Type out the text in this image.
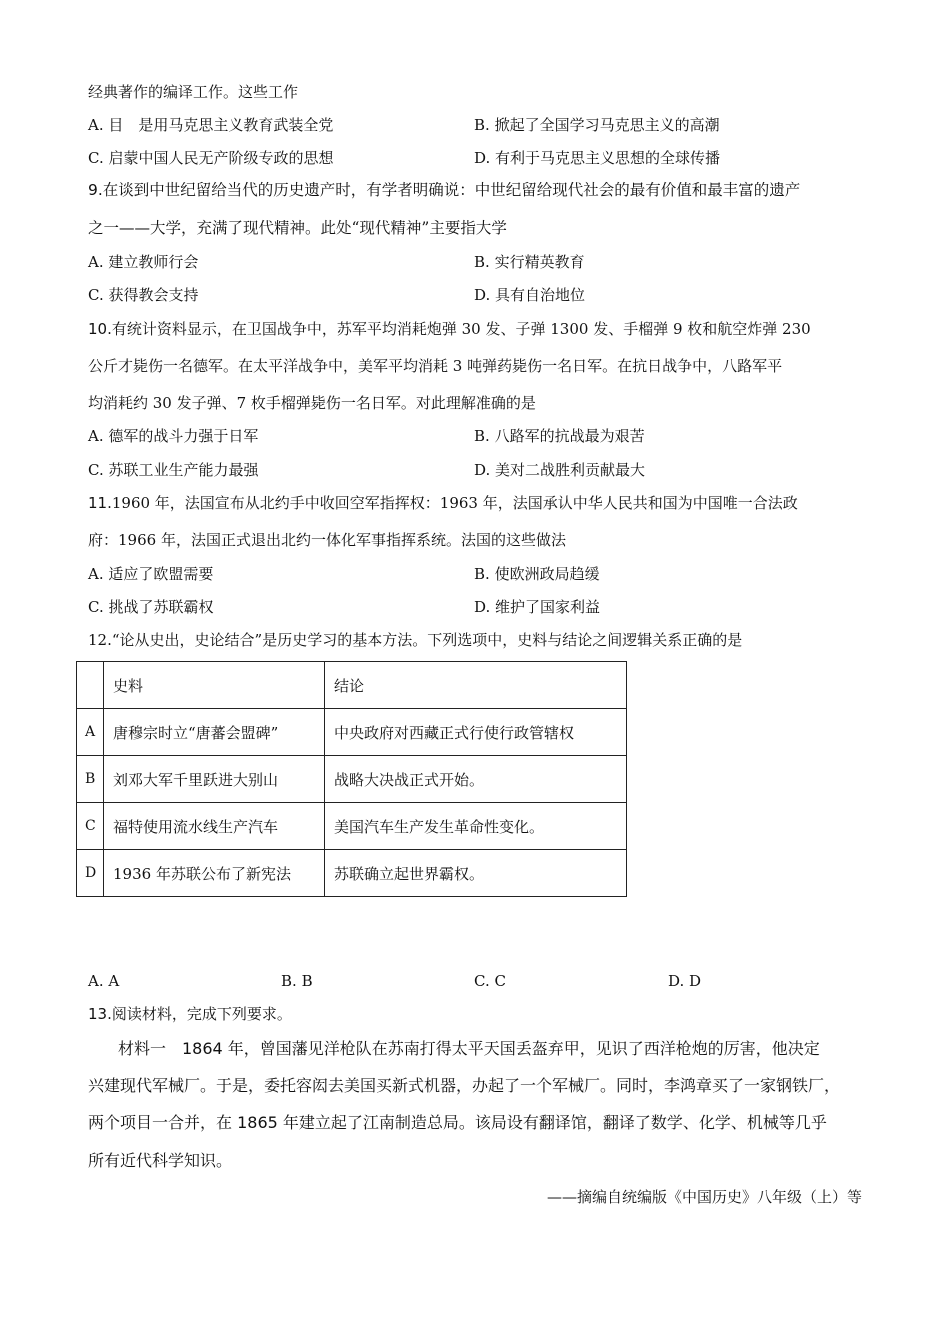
经典著作的编译工作。这些工作
A. 目　是用马克思主义教育武装全党	B. 掀起了全国学习马克思主义的高潮
C. 启蒙中国人民无产阶级专政的思想	D. 有利于马克思主义思想的全球传播
9.在谈到中世纪留给当代的历史遗产时，有学者明确说：中世纪留给现代社会的最有价值和最丰富的遗产
之一——大学，充满了现代精神。此处“现代精神”主要指大学
A. 建立教师行会	B. 实行精英教育
C. 获得教会支持	D. 具有自治地位
10.有统计资料显示，在卫国战争中，苏军平均消耗炮弹 30 发、子弹 1300 发、手榴弹 9 枚和航空炸弹 230
公斤才毙伤一名德军。在太平洋战争中，美军平均消耗 3 吨弹药毙伤一名日军。在抗日战争中，八路军平
均消耗约 30 发子弹、7 枚手榴弹毙伤一名日军。对此理解准确的是
A. 德军的战斗力强于日军	B. 八路军的抗战最为艰苦
C. 苏联工业生产能力最强	D. 美对二战胜利贡献最大
11.1960 年，法国宣布从北约手中收回空军指挥权：1963 年，法国承认中华人民共和国为中国唯一合法政
府：1966 年，法国正式退出北约一体化军事指挥系统。法国的这些做法
A. 适应了欧盟需要	B. 使欧洲政局趋缓
C. 挑战了苏联霸权	D. 维护了国家利益
12.“论从史出，史论结合”是历史学习的基本方法。下列选项中，史料与结论之间逻辑关系正确的是
	史料	结论
A	唐穆宗时立“唐蕃会盟碑”	中央政府对西藏正式行使行政管辖权
B	刘邓大军千里跃进大别山	战略大决战正式开始。
C	福特使用流水线生产汽车	美国汽车生产发生革命性变化。
D	1936 年苏联公布了新宪法	苏联确立起世界霸权。
A. A	B. B	C. C	D. D
13.阅读材料，完成下列要求。
材料一　1864 年，曾国藩见洋枪队在苏南打得太平天国丢盔弃甲，见识了西洋枪炮的厉害，他决定
兴建现代军械厂。于是，委托容闳去美国买新式机器，办起了一个军械厂。同时，李鸿章买了一家钢铁厂，
两个项目一合并，在 1865 年建立起了江南制造总局。该局设有翻译馆，翻译了数学、化学、机械等几乎
所有近代科学知识。
——摘编自统编版《中国历史》八年级（上）等
